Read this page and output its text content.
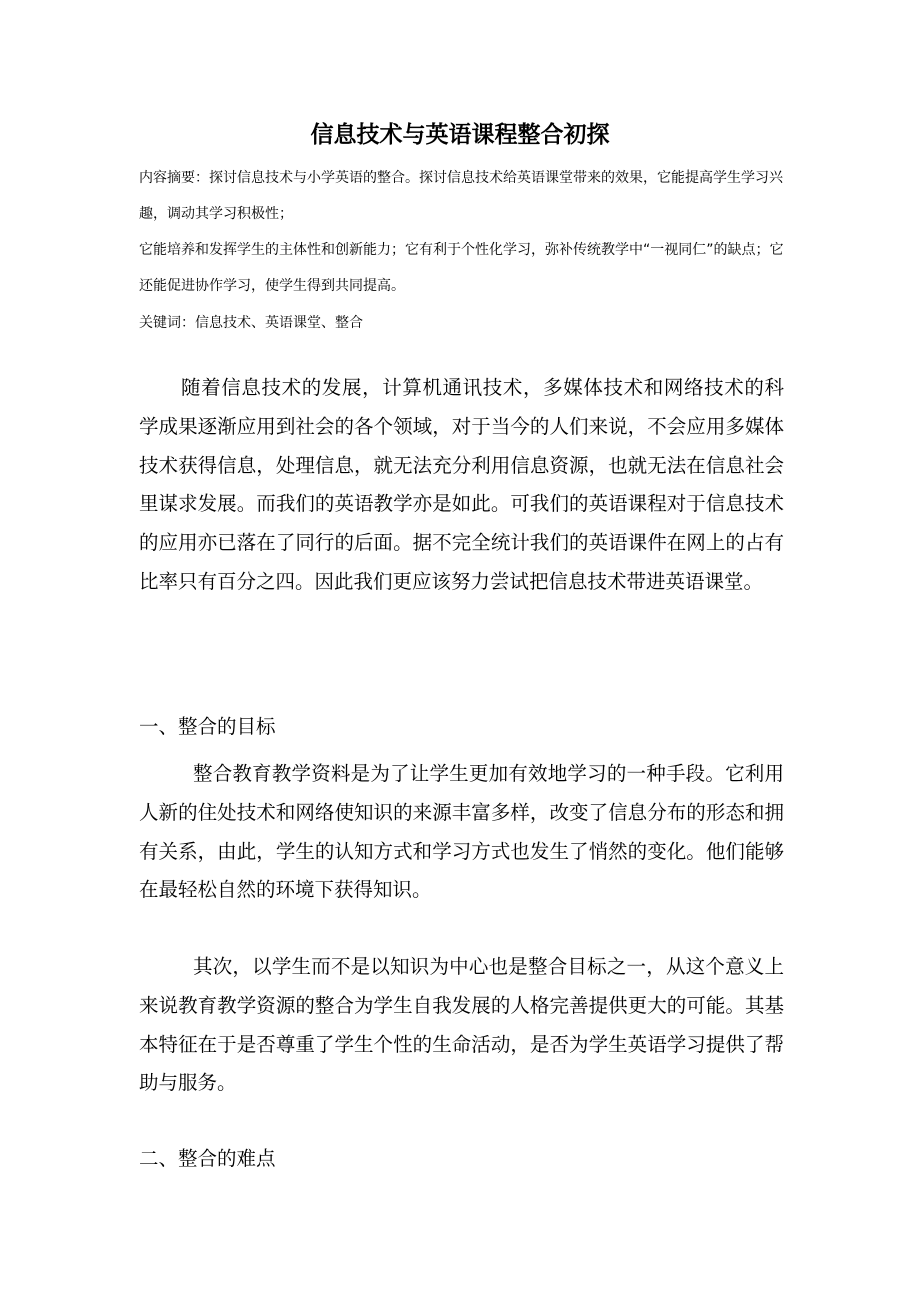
信息技术与英语课程整合初探

内容摘要：探讨信息技术与小学英语的整合。探讨信息技术给英语课堂带来的效果，它能提高学生学习兴趣，调动其学习积极性；

它能培养和发挥学生的主体性和创新能力；它有利于个性化学习，弥补传统教学中“一视同仁”的缺点；它还能促进协作学习，使学生得到共同提高。

关键词：信息技术、英语课堂、整合

随着信息技术的发展，计算机通讯技术，多媒体技术和网络技术的科学成果逐渐应用到社会的各个领域，对于当今的人们来说，不会应用多媒体技术获得信息，处理信息，就无法充分利用信息资源，也就无法在信息社会里谋求发展。而我们的英语教学亦是如此。可我们的英语课程对于信息技术的应用亦已落在了同行的后面。据不完全统计我们的英语课件在网上的占有比率只有百分之四。因此我们更应该努力尝试把信息技术带进英语课堂。

一、整合的目标

整合教育教学资料是为了让学生更加有效地学习的一种手段。它利用人新的住处技术和网络使知识的来源丰富多样，改变了信息分布的形态和拥有关系，由此，学生的认知方式和学习方式也发生了悄然的变化。他们能够在最轻松自然的环境下获得知识。

其次，以学生而不是以知识为中心也是整合目标之一，从这个意义上来说教育教学资源的整合为学生自我发展的人格完善提供更大的可能。其基本特征在于是否尊重了学生个性的生命活动，是否为学生英语学习提供了帮助与服务。

二、整合的难点
